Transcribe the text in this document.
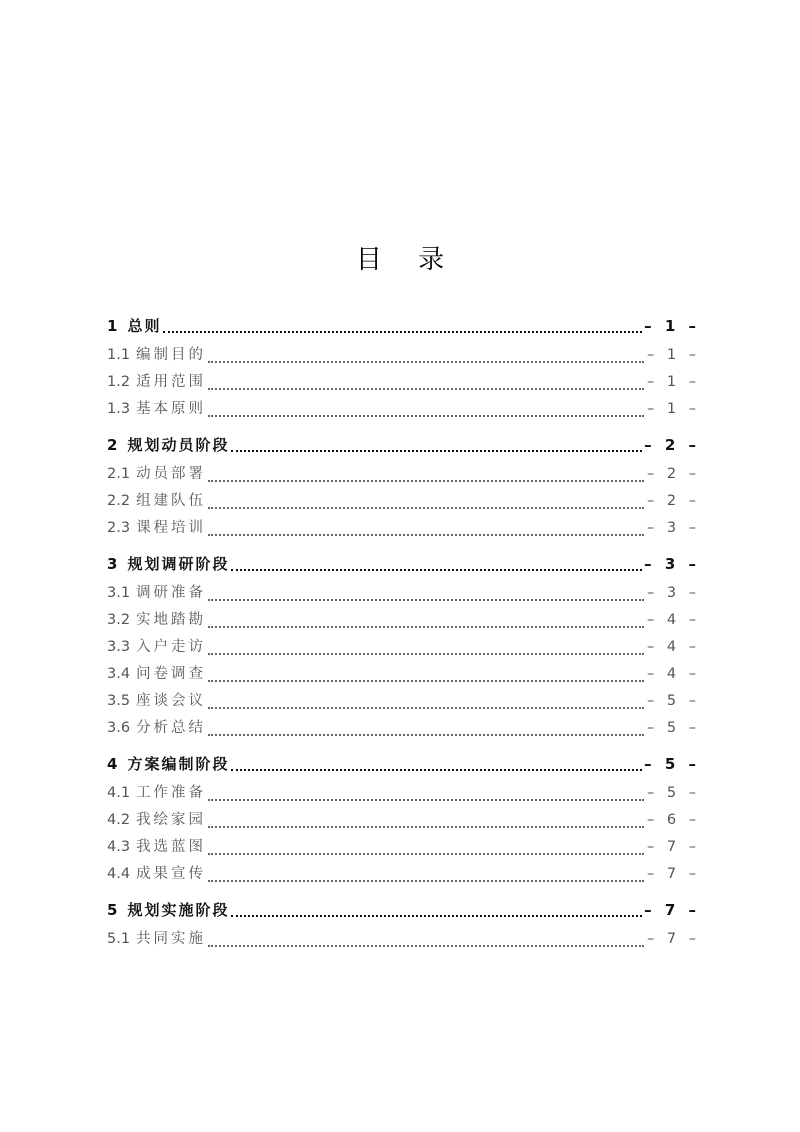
目 录
1 总则	– 1 –
1.1 编制目的	– 1 –
1.2 适用范围	– 1 –
1.3 基本原则	– 1 –
2 规划动员阶段	– 2 –
2.1 动员部署	– 2 –
2.2 组建队伍	– 2 –
2.3 课程培训	– 3 –
3 规划调研阶段	– 3 –
3.1 调研准备	– 3 –
3.2 实地踏勘	– 4 –
3.3 入户走访	– 4 –
3.4 问卷调查	– 4 –
3.5 座谈会议	– 5 –
3.6 分析总结	– 5 –
4 方案编制阶段	– 5 –
4.1 工作准备	– 5 –
4.2 我绘家园	– 6 –
4.3 我选蓝图	– 7 –
4.4 成果宣传	– 7 –
5 规划实施阶段	– 7 –
5.1 共同实施	– 7 –
